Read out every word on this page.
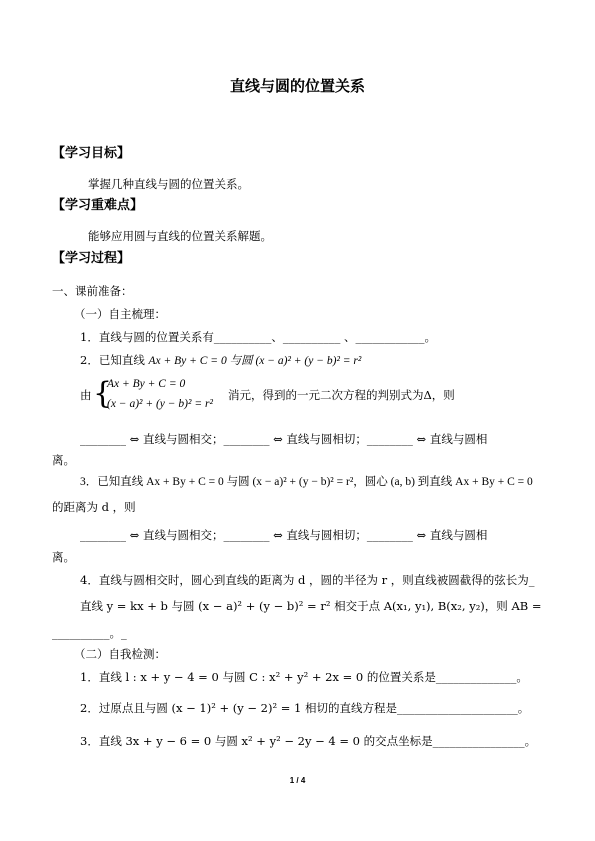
直线与圆的位置关系
【学习目标】
掌握几种直线与圆的位置关系。
【学习重难点】
能够应用圆与直线的位置关系解题。
【学习过程】
一、课前准备：
（一）自主梳理：
1．直线与圆的位置关系有__________、__________ 、____________。
2．已知直线 Ax + By + C = 0 与圆 (x − a)² + (y − b)² = r²
由 {
Ax + By + C = 0
(x − a)² + (y − b)² = r²
消元，得到的一元二次方程的判别式为Δ，则
________ ⇔ 直线与圆相交；________ ⇔ 直线与圆相切；________ ⇔ 直线与圆相
离。
3．已知直线 Ax + By + C = 0 与圆 (x − a)² + (y − b)² = r²，圆心 (a, b) 到直线 Ax + By + C = 0
的距离为 d ，则
________ ⇔ 直线与圆相交；________ ⇔ 直线与圆相切；________ ⇔ 直线与圆相
离。
4．直线与圆相交时，圆心到直线的距离为 d ，圆的半径为 r ，则直线被圆截得的弦长为_
直线 y = kx + b 与圆 (x − a)² + (y − b)² = r² 相交于点 A(x₁, y₁), B(x₂, y₂)，则 AB =
__________。_
（二）自我检测：
1．直线 l : x + y − 4 = 0 与圆 C : x² + y² + 2x = 0 的位置关系是______________。
2．过原点且与圆 (x − 1)² + (y − 2)² = 1 相切的直线方程是_____________________。
3．直线 3x + y − 6 = 0 与圆 x² + y² − 2y − 4 = 0 的交点坐标是________________。
1 / 4
